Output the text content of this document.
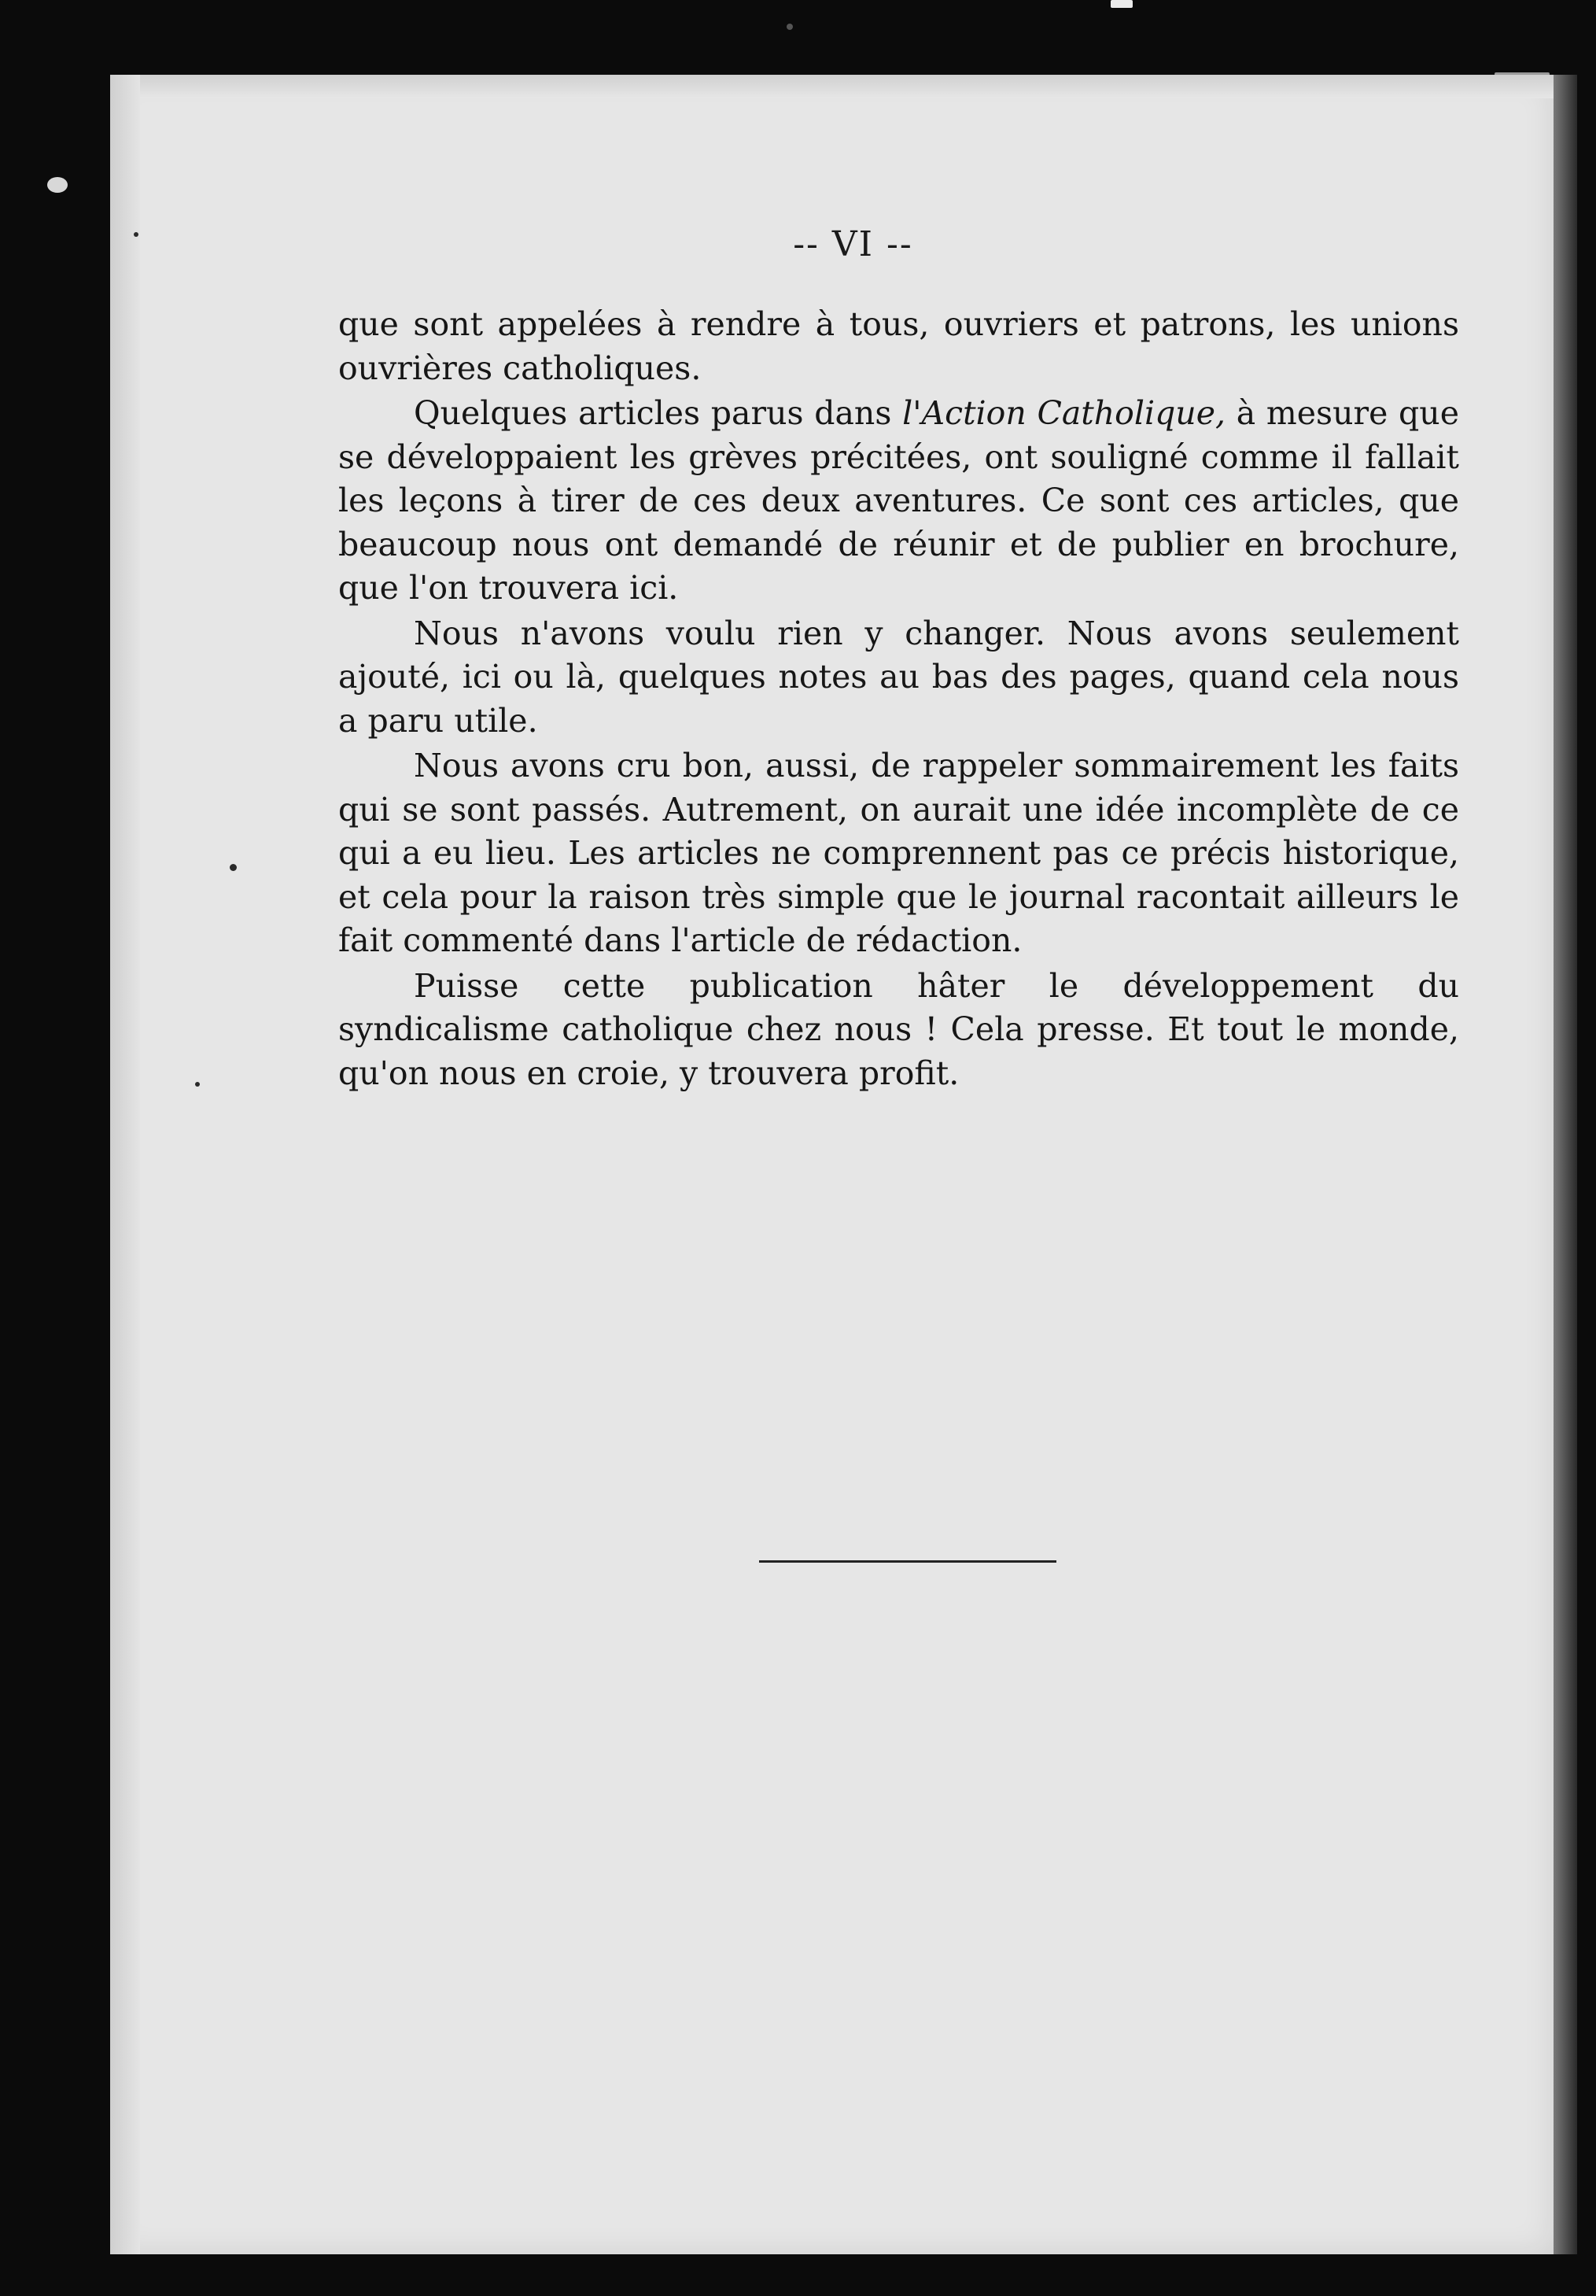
-- VI --

que sont appelées à rendre à tous, ouvriers et patrons, les unions ouvrières catholiques.

Quelques articles parus dans l'Action Catholique, à mesure que se développaient les grèves précitées, ont souligné comme il fallait les leçons à tirer de ces deux aventures. Ce sont ces articles, que beaucoup nous ont demandé de réunir et de publier en brochure, que l'on trouvera ici.

Nous n'avons voulu rien y changer. Nous avons seulement ajouté, ici ou là, quelques notes au bas des pages, quand cela nous a paru utile.

Nous avons cru bon, aussi, de rappeler sommairement les faits qui se sont passés. Autrement, on aurait une idée incomplète de ce qui a eu lieu. Les articles ne comprennent pas ce précis historique, et cela pour la raison très simple que le journal racontait ailleurs le fait commenté dans l'article de rédaction.

Puisse cette publication hâter le développement du syndicalisme catholique chez nous ! Cela presse. Et tout le monde, qu'on nous en croie, y trouvera profit.
